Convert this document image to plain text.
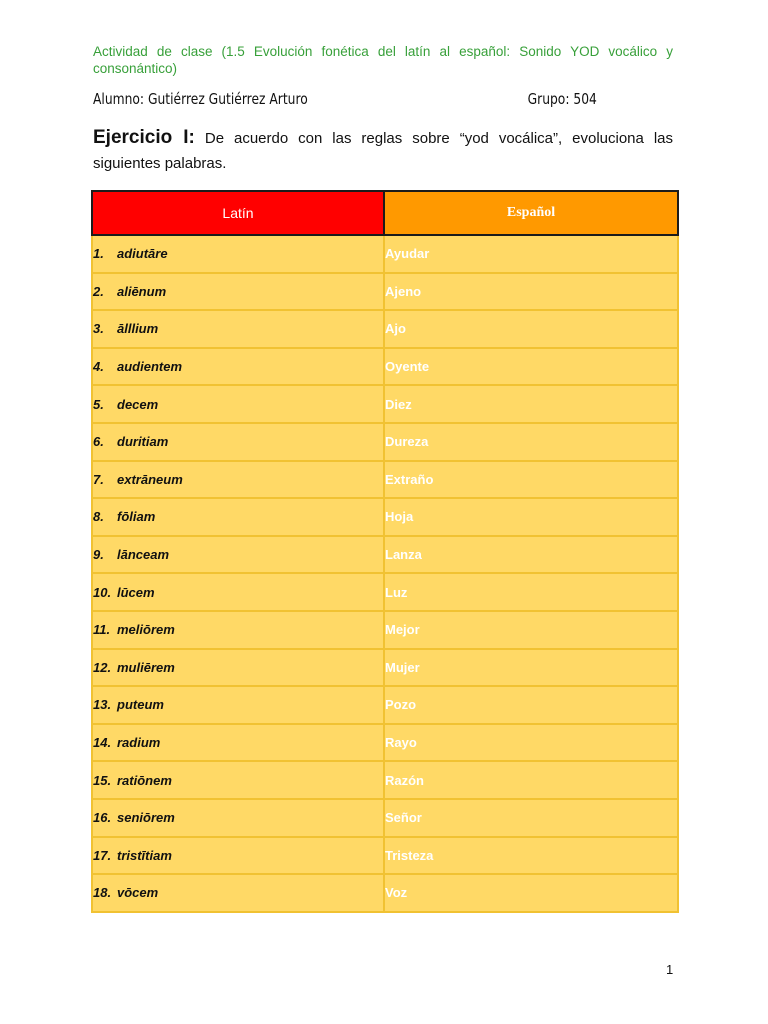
Actividad de clase (1.5 Evolución fonética del latín al español: Sonido YOD vocálico y consonántico)
Alumno: Gutiérrez Gutiérrez Arturo	Grupo: 504
Ejercicio I: De acuerdo con las reglas sobre “yod vocálica”, evoluciona las siguientes palabras.
Latín	Español
1. adiutāre	Ayudar
2. aliēnum	Ajeno
3. ālllium	Ajo
4. audientem	Oyente
5. decem	Diez
6. duritiam	Dureza
7. extrāneum	Extraño
8. fōliam	Hoja
9. lānceam	Lanza
10. lūcem	Luz
11. meliōrem	Mejor
12. muliērem	Mujer
13. puteum	Pozo
14. radium	Rayo
15. ratiōnem	Razón
16. seniōrem	Señor
17. tristītiam	Tristeza
18. vōcem	Voz
1
